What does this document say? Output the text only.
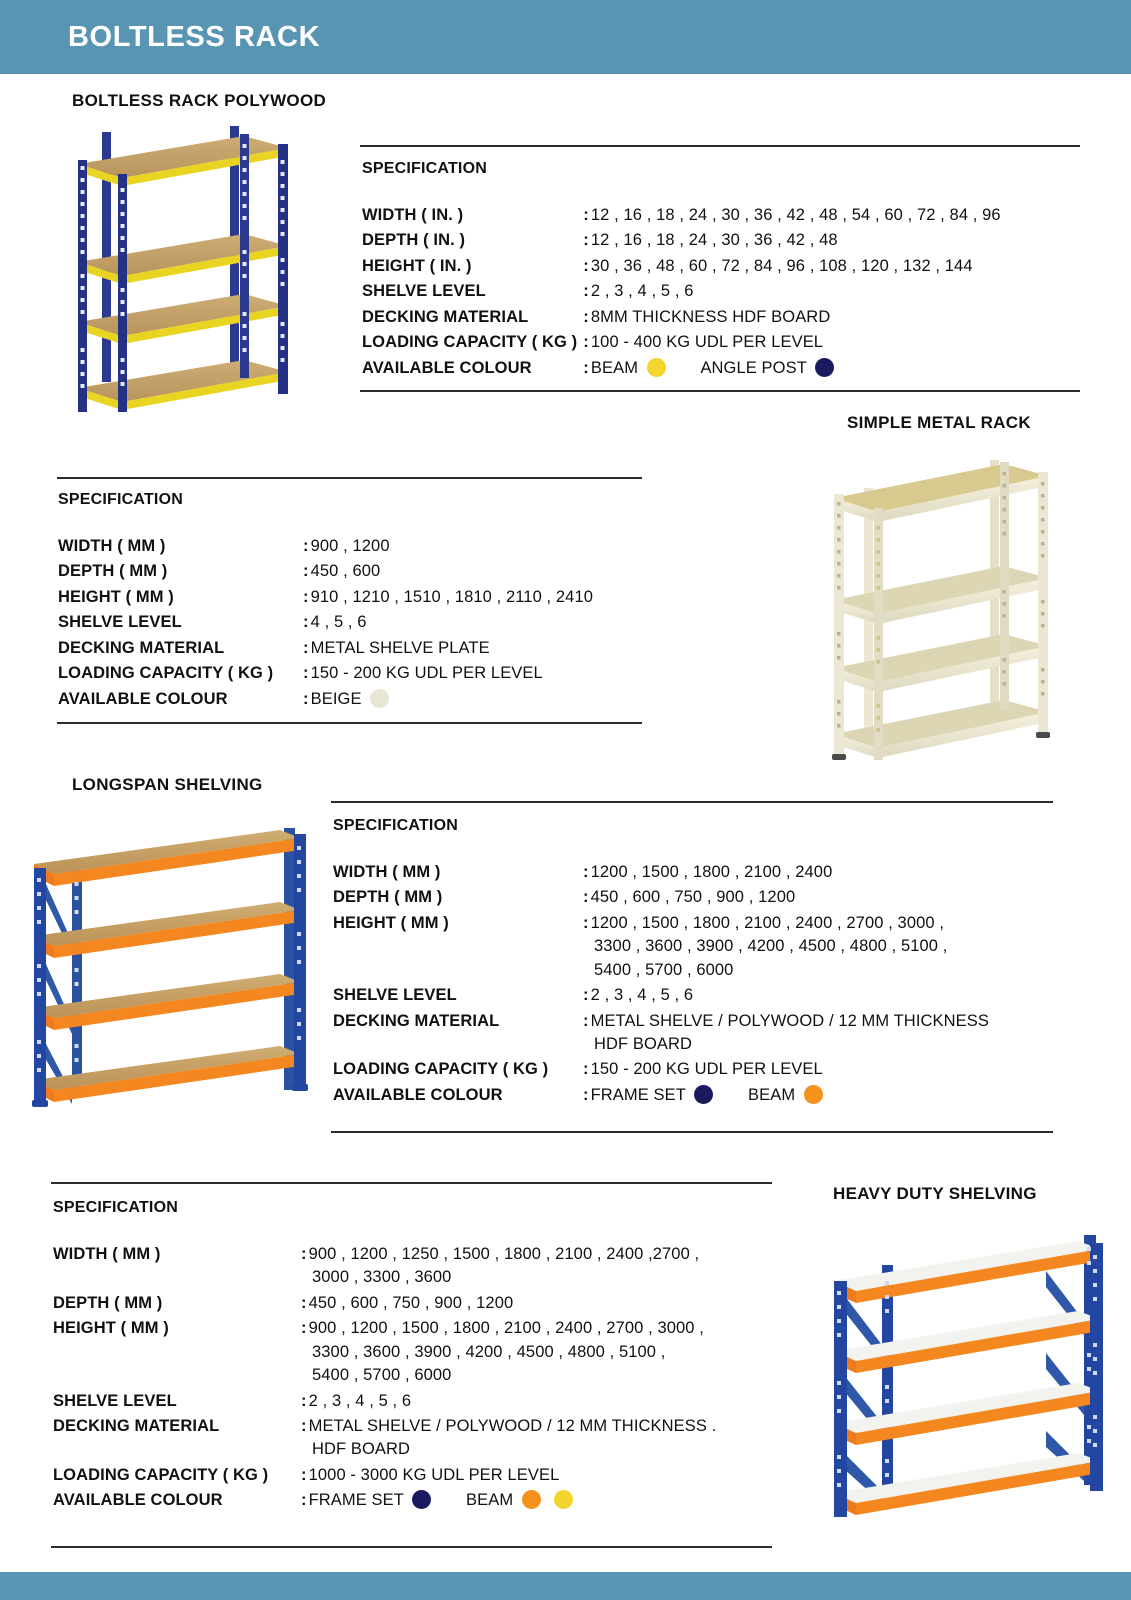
BOLTLESS RACK
BOLTLESS RACK POLYWOOD
SPECIFICATION
WIDTH ( IN. )	: 12 , 16 , 18 , 24 , 30 , 36 , 42 , 48 , 54 , 60 , 72 , 84 , 96
DEPTH ( IN. )	: 12 , 16 , 18 , 24 , 30 , 36 , 42 , 48
HEIGHT ( IN. )	: 30 , 36 , 48 , 60 , 72 , 84 , 96 , 108 , 120 , 132 , 144
SHELVE LEVEL	: 2 , 3 , 4 , 5 , 6
DECKING MATERIAL	: 8MM THICKNESS HDF BOARD
LOADING CAPACITY ( KG )	: 100 - 400 KG UDL PER LEVEL
AVAILABLE COLOUR	: BEAM ANGLE POST
SIMPLE METAL RACK
SPECIFICATION
WIDTH ( MM )	: 900 , 1200
DEPTH ( MM )	: 450 , 600
HEIGHT ( MM )	: 910 , 1210 , 1510 , 1810 , 2110 , 2410
SHELVE LEVEL	: 4 , 5 , 6
DECKING MATERIAL	: METAL SHELVE PLATE
LOADING CAPACITY ( KG )	: 150 - 200 KG UDL PER LEVEL
AVAILABLE COLOUR	: BEIGE
LONGSPAN SHELVING
SPECIFICATION
WIDTH ( MM )	: 1200 , 1500 , 1800 , 2100 , 2400
DEPTH ( MM )	: 450 , 600 , 750 , 900 , 1200
HEIGHT ( MM )	: 1200 , 1500 , 1800 , 2100 , 2400 , 2700 , 3000 ,
3300 , 3600 , 3900 , 4200 , 4500 , 4800 , 5100 ,
5400 , 5700 , 6000

SHELVE LEVEL	: 2 , 3 , 4 , 5 , 6
DECKING MATERIAL	: METAL SHELVE / POLYWOOD / 12 MM THICKNESS
HDF BOARD

LOADING CAPACITY ( KG )	: 150 - 200 KG UDL PER LEVEL
AVAILABLE COLOUR	: FRAME SET BEAM
HEAVY DUTY SHELVING
SPECIFICATION
WIDTH ( MM )	: 900 , 1200 , 1250 , 1500 , 1800 , 2100 , 2400 ,2700 ,
3000 , 3300 , 3600

DEPTH ( MM )	: 450 , 600 , 750 , 900 , 1200
HEIGHT ( MM )	: 900 , 1200 , 1500 , 1800 , 2100 , 2400 , 2700 , 3000 ,
3300 , 3600 , 3900 , 4200 , 4500 , 4800 , 5100 ,
5400 , 5700 , 6000

SHELVE LEVEL	: 2 , 3 , 4 , 5 , 6
DECKING MATERIAL	: METAL SHELVE / POLYWOOD / 12 MM THICKNESS .
HDF BOARD

LOADING CAPACITY ( KG )	: 1000 - 3000 KG UDL PER LEVEL
AVAILABLE COLOUR	: FRAME SET BEAM
